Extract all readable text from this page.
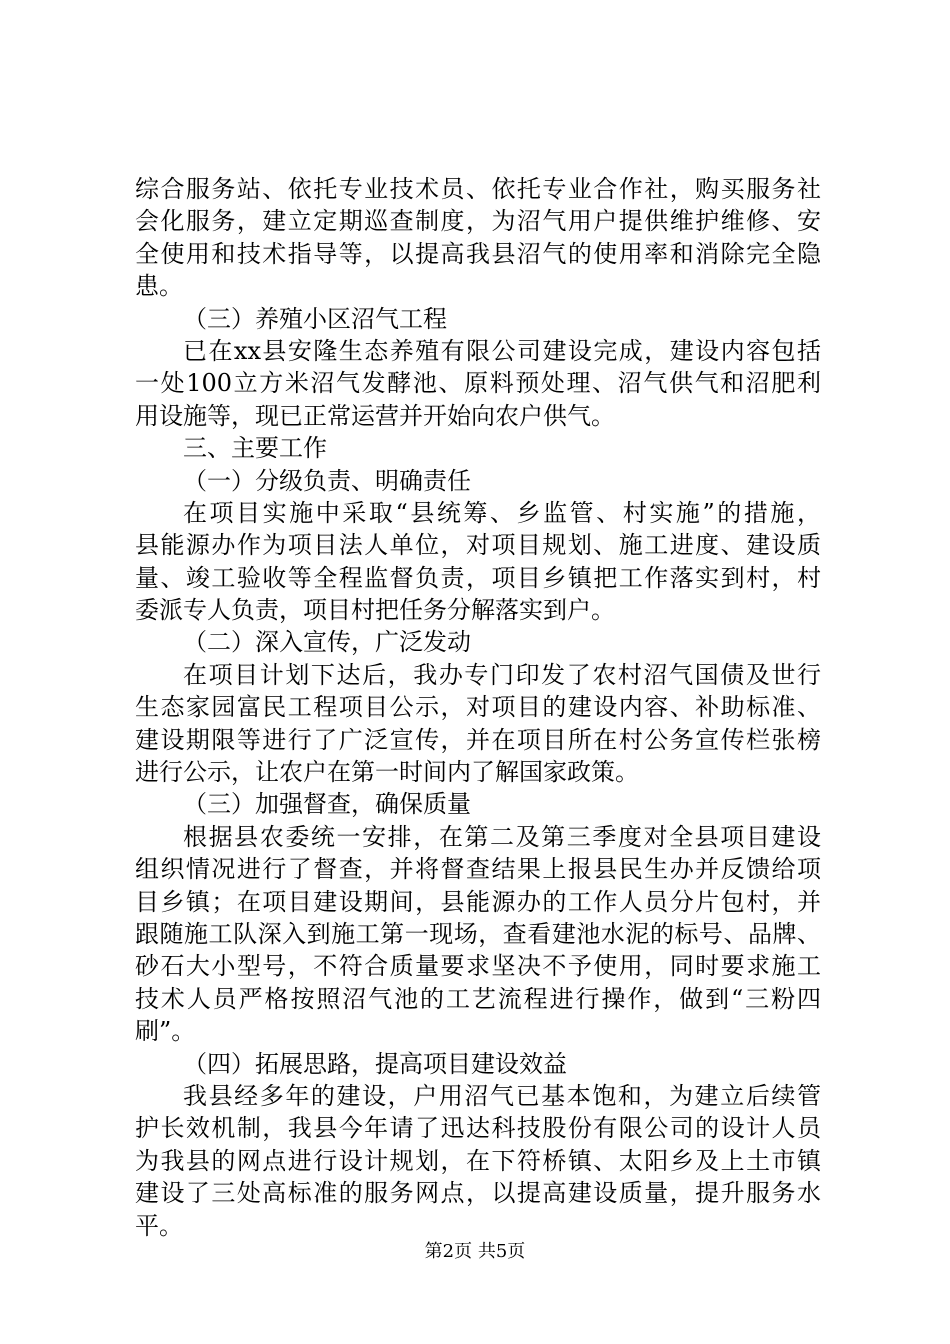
综合服务站、依托专业技术员、依托专业合作社，购买服务社
会化服务，建立定期巡查制度，为沼气用户提供维护维修、安
全使用和技术指导等，以提高我县沼气的使用率和消除完全隐
患。
（三）养殖小区沼气工程
已在xx县安隆生态养殖有限公司建设完成，建设内容包括
一处100立方米沼气发酵池、原料预处理、沼气供气和沼肥利
用设施等，现已正常运营并开始向农户供气。
三、主要工作
（一）分级负责、明确责任
在项目实施中采取“县统筹、乡监管、村实施”的措施，
县能源办作为项目法人单位，对项目规划、施工进度、建设质
量、竣工验收等全程监督负责，项目乡镇把工作落实到村，村
委派专人负责，项目村把任务分解落实到户。
（二）深入宣传，广泛发动
在项目计划下达后，我办专门印发了农村沼气国债及世行
生态家园富民工程项目公示，对项目的建设内容、补助标准、
建设期限等进行了广泛宣传，并在项目所在村公务宣传栏张榜
进行公示，让农户在第一时间内了解国家政策。
（三）加强督查，确保质量
根据县农委统一安排，在第二及第三季度对全县项目建设
组织情况进行了督查，并将督查结果上报县民生办并反馈给项
目乡镇；在项目建设期间，县能源办的工作人员分片包村，并
跟随施工队深入到施工第一现场，查看建池水泥的标号、品牌、
砂石大小型号，不符合质量要求坚决不予使用，同时要求施工
技术人员严格按照沼气池的工艺流程进行操作，做到“三粉四
刷”。
（四）拓展思路，提高项目建设效益
我县经多年的建设，户用沼气已基本饱和，为建立后续管
护长效机制，我县今年请了迅达科技股份有限公司的设计人员
为我县的网点进行设计规划，在下符桥镇、太阳乡及上土市镇
建设了三处高标准的服务网点，以提高建设质量，提升服务水
平。
第2页 共5页
